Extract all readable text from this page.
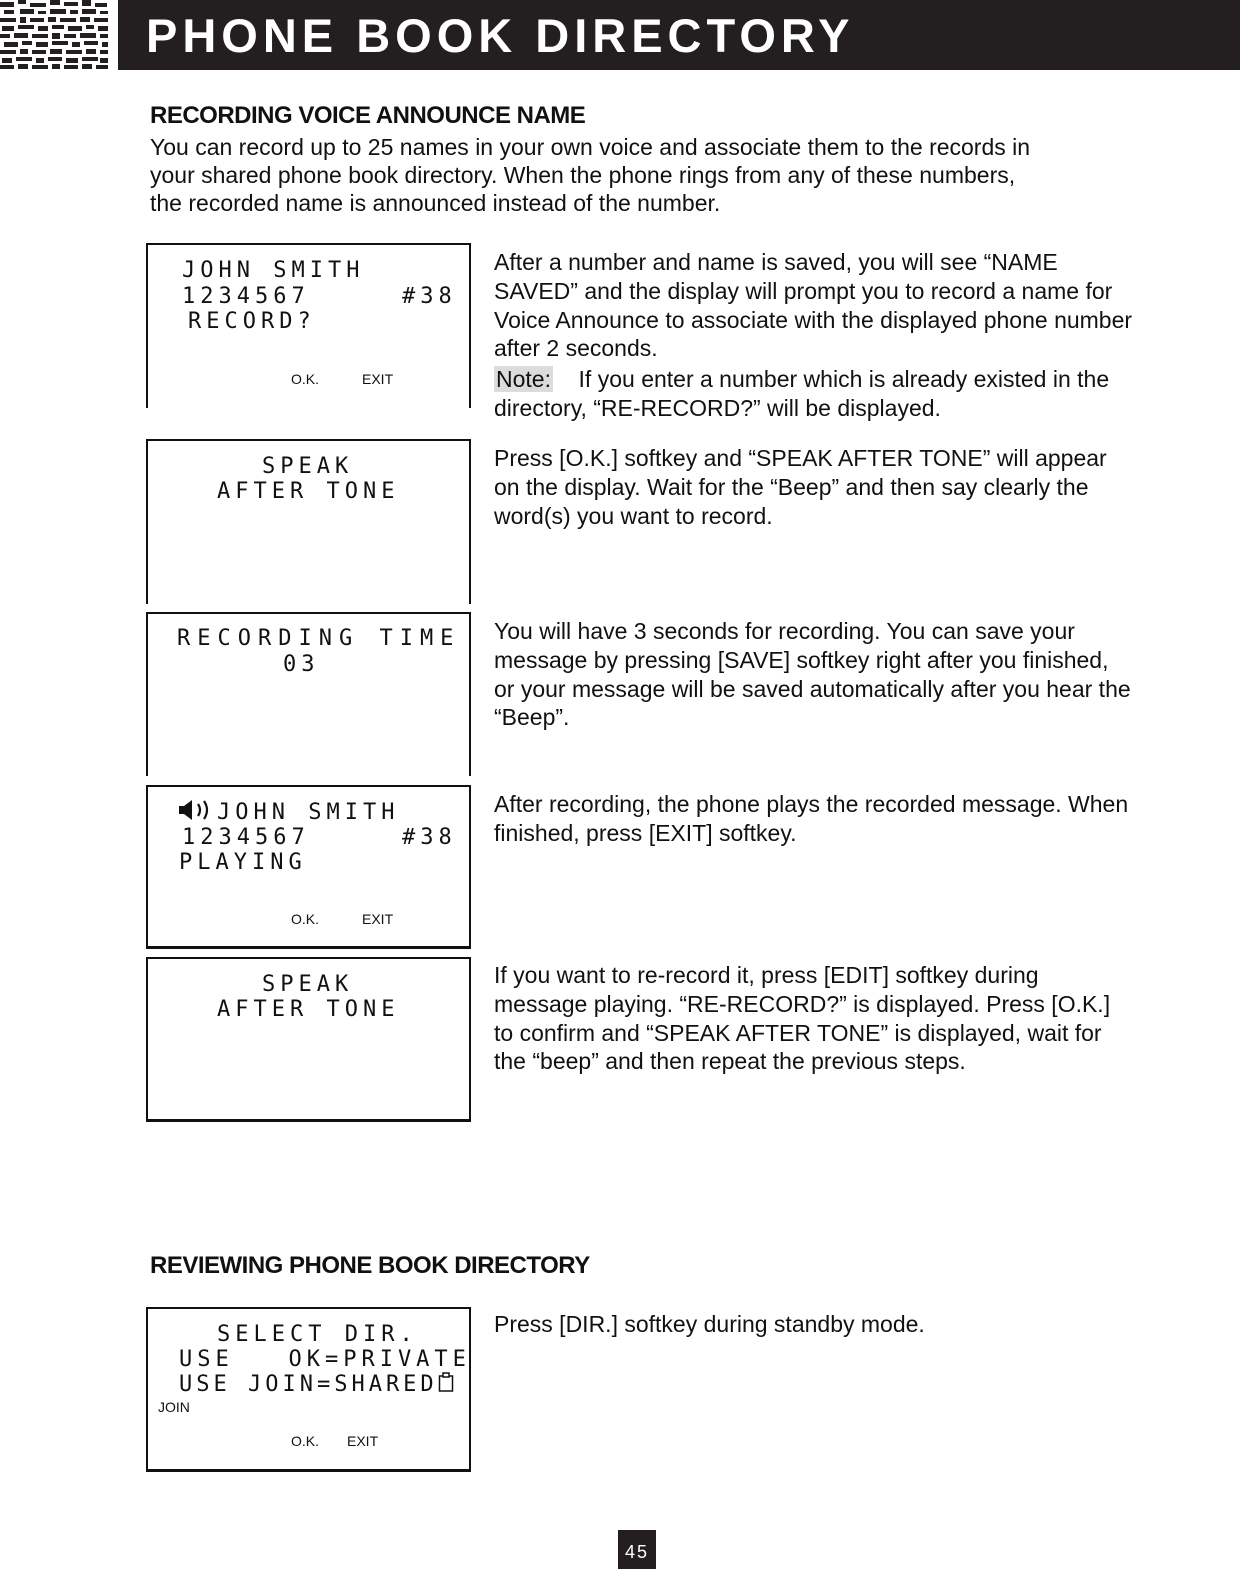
PHONE BOOK DIRECTORY
RECORDING VOICE ANNOUNCE NAME
You can record up to 25 names in your own voice and associate them to the records in
your shared phone book directory. When the phone rings from any of these numbers,
the recorded name is announced instead of the number.
JOHN SMITH
1234567	#38
RECORD?
O.K.	EXIT

After a number and name is saved, you will see “NAME SAVED” and the display will prompt you to record a name for Voice Announce to associate with the displayed phone number after 2 seconds.

Note: If you enter a number which is already existed in the directory, “RE-RECORD?” will be displayed.

SPEAK
AFTER TONE

Press [O.K.] softkey and “SPEAK AFTER TONE” will appear on the display. Wait for the “Beep” and then say clearly the word(s) you want to record.

RECORDING TIME
03

You will have 3 seconds for recording. You can save your message by pressing [SAVE] softkey right after you finished, or your message will be saved automatically after you hear the “Beep”.

JOHN SMITH
1234567	#38
PLAYING
O.K.	EXIT

After recording, the phone plays the recorded message. When finished, press [EXIT] softkey.

SPEAK
AFTER TONE

If you want to re-record it, press [EDIT] softkey during message playing. “RE-RECORD?” is displayed. Press [O.K.] to confirm and “SPEAK AFTER TONE” is displayed, wait for the “beep” and then repeat the previous steps.

REVIEWING PHONE BOOK DIRECTORY
SELECT DIR.
USE   OK=PRIVATE
USE JOIN=SHARED
JOIN
O.K. EXIT

Press [DIR.] softkey during standby mode.

45
